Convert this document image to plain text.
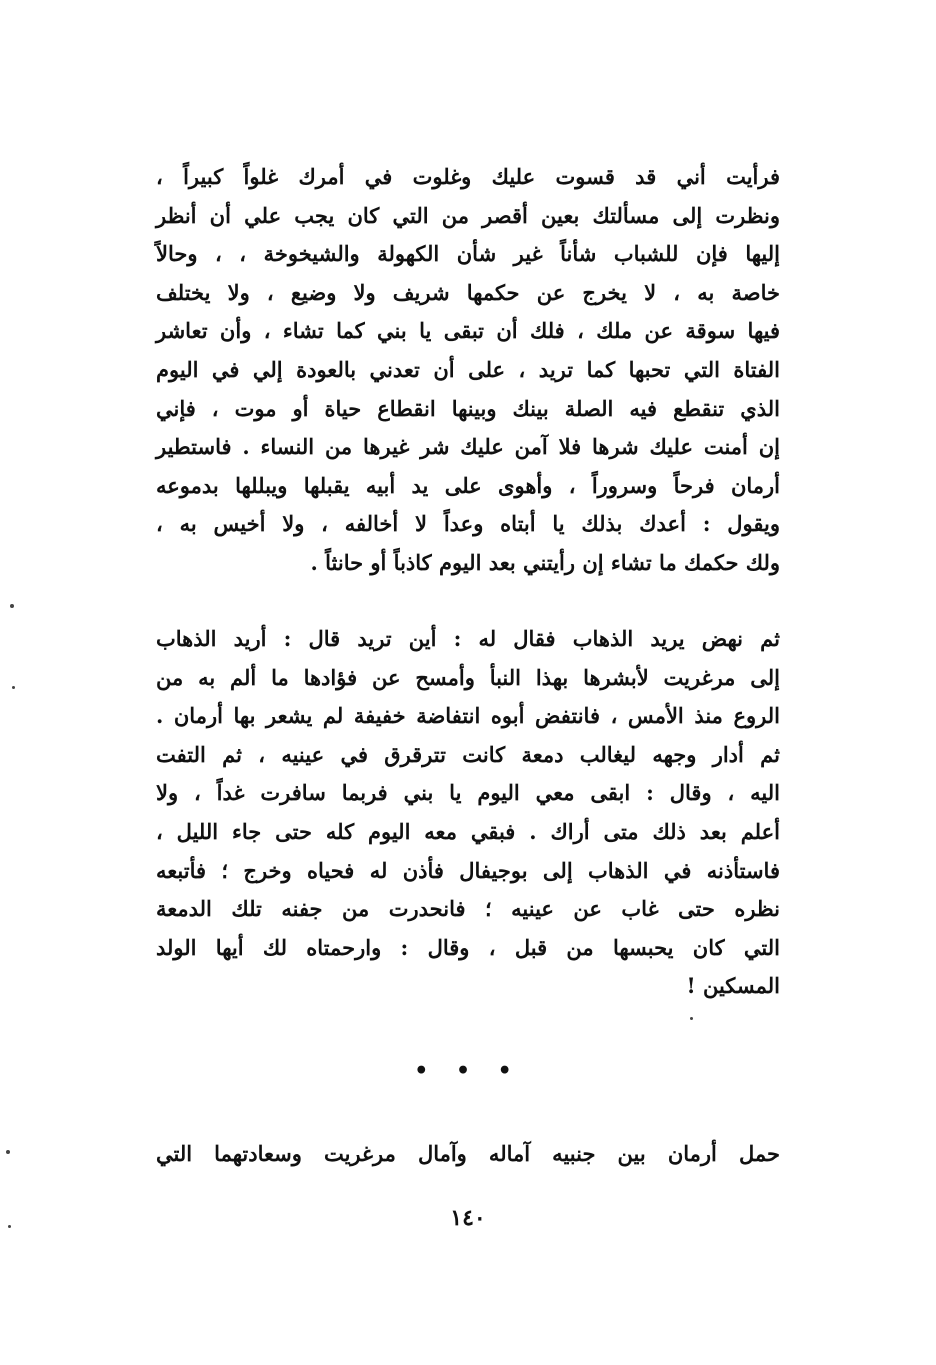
فرأيت أني قد قسوت عليك وغلوت في أمرك غلواً كبيراً ،
ونظرت إلى مسألتك بعين أقصر من التي كان يجب علي أن أنظر
إليها فإن للشباب شأناً غير شأن الكهولة والشيخوخة ، ، وحالاً
خاصة به ، لا يخرج عن حكمها شريف ولا وضيع ، ولا يختلف
فيها سوقة عن ملك ، فلك أن تبقى يا بني كما تشاء ، وأن تعاشر
الفتاة التي تحبها كما تريد ، على أن تعدني بالعودة إلي في اليوم
الذي تنقطع فيه الصلة بينك وبينها انقطاع حياة أو موت ، فإني
إن أمنت عليك شرها فلا آمن عليك شر غيرها من النساء . فاستطير
أرمان فرحاً وسروراً ، وأهوى على يد أبيه يقبلها ويبللها بدموعه
ويقول : أعدك بذلك يا أبتاه وعداً لا أخالفه ، ولا أخيس به ،
ولك حكمك ما تشاء إن رأيتني بعد اليوم كاذباً أو حانثاً .
ثم نهض يريد الذهاب فقال له : أين تريد قال : أريد الذهاب
إلى مرغريت لأبشرها بهذا النبأ وأمسح عن فؤادها ما ألم به من
الروع منذ الأمس ، فانتفض أبوه انتفاضة خفيفة لم يشعر بها أرمان .
ثم أدار وجهه ليغالب دمعة كانت تترقرق في عينيه ، ثم التفت
اليه ، وقال : ابقى معي اليوم يا بني فربما سافرت غداً ، ولا
أعلم بعد ذلك متى أراك . فبقي معه اليوم كله حتى جاء الليل ،
فاستأذنه في الذهاب إلى بوجيفال فأذن له فحياه وخرج ؛ فأتبعه
نظره حتى غاب عن عينيه ؛ فانحدرت من جفنه تلك الدمعة
التي كان يحبسها من قبل ، وقال : وارحمتاه لك أيها الولد
المسكين !
• • •
حمل أرمان بين جنبيه آماله وآمال مرغريت وسعادتهما التي
١٤٠
